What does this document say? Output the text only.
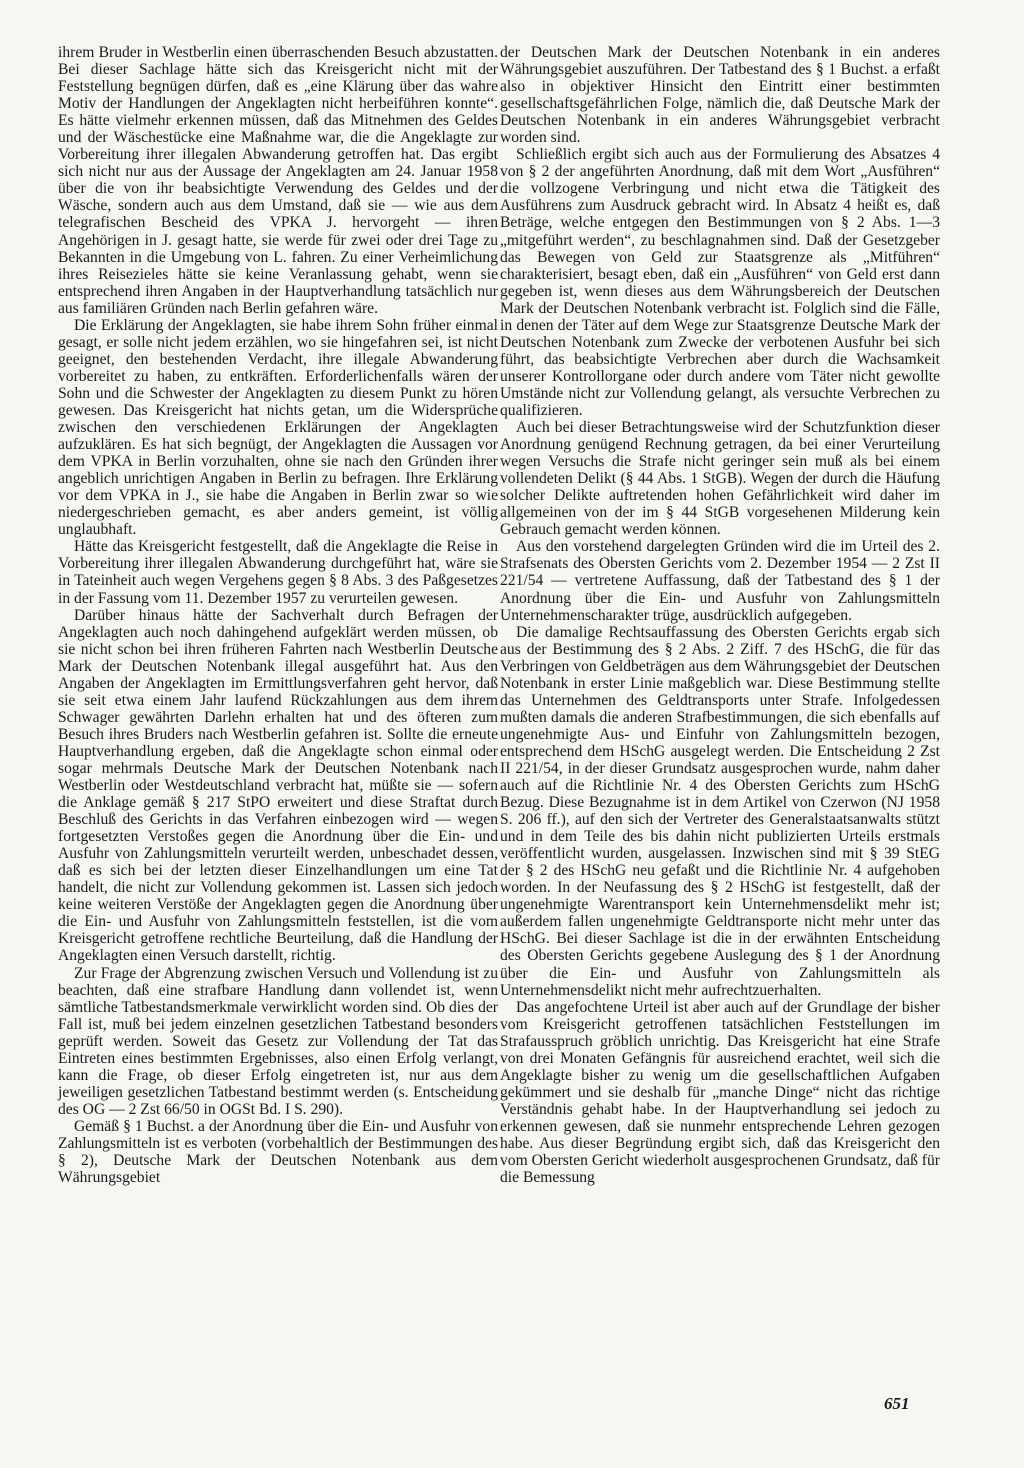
ihrem Bruder in Westberlin einen überraschenden Besuch abzustatten. Bei dieser Sachlage hätte sich das Kreisgericht nicht mit der Feststellung begnügen dürfen, daß es „eine Klärung über das wahre Motiv der Handlungen der Angeklagten nicht herbeiführen konnte“. Es hätte vielmehr erkennen müssen, daß das Mitnehmen des Geldes und der Wäschestücke eine Maßnahme war, die die Angeklagte zur Vorbereitung ihrer illegalen Abwanderung getroffen hat. Das ergibt sich nicht nur aus der Aussage der Angeklagten am 24. Januar 1958 über die von ihr beabsichtigte Verwendung des Geldes und der Wäsche, sondern auch aus dem Umstand, daß sie — wie aus dem telegrafischen Bescheid des VPKA J. hervorgeht — ihren Angehörigen in J. gesagt hatte, sie werde für zwei oder drei Tage zu Bekannten in die Umgebung von L. fahren. Zu einer Verheimlichung ihres Reisezieles hätte sie keine Veranlassung gehabt, wenn sie entsprechend ihren Angaben in der Hauptverhandlung tatsächlich nur aus familiären Gründen nach Berlin gefahren wäre.

Die Erklärung der Angeklagten, sie habe ihrem Sohn früher einmal gesagt, er solle nicht jedem erzählen, wo sie hingefahren sei, ist nicht geeignet, den bestehenden Verdacht, ihre illegale Abwanderung vorbereitet zu haben, zu entkräften. Erforderlichenfalls wären der Sohn und die Schwester der Angeklagten zu diesem Punkt zu hören gewesen. Das Kreisgericht hat nichts getan, um die Widersprüche zwischen den verschiedenen Erklärungen der Angeklagten aufzuklären. Es hat sich begnügt, der Angeklagten die Aussagen vor dem VPKA in Berlin vorzuhalten, ohne sie nach den Gründen ihrer angeblich unrichtigen Angaben in Berlin zu befragen. Ihre Erklärung vor dem VPKA in J., sie habe die Angaben in Berlin zwar so wie niedergeschrieben gemacht, es aber anders gemeint, ist völlig unglaubhaft.

Hätte das Kreisgericht festgestellt, daß die Angeklagte die Reise in Vorbereitung ihrer illegalen Abwanderung durchgeführt hat, wäre sie in Tateinheit auch wegen Vergehens gegen § 8 Abs. 3 des Paßgesetzes in der Fassung vom 11. Dezember 1957 zu verurteilen gewesen.

Darüber hinaus hätte der Sachverhalt durch Befragen der Angeklagten auch noch dahingehend aufgeklärt werden müssen, ob sie nicht schon bei ihren früheren Fahrten nach Westberlin Deutsche Mark der Deutschen Notenbank illegal ausgeführt hat. Aus den Angaben der Angeklagten im Ermittlungsverfahren geht hervor, daß sie seit etwa einem Jahr laufend Rückzahlungen aus dem ihrem Schwager gewährten Darlehn erhalten hat und des öfteren zum Besuch ihres Bruders nach Westberlin gefahren ist. Sollte die erneute Hauptverhandlung ergeben, daß die Angeklagte schon einmal oder sogar mehrmals Deutsche Mark der Deutschen Notenbank nach Westberlin oder Westdeutschland verbracht hat, müßte sie — sofern die Anklage gemäß § 217 StPO erweitert und diese Straftat durch Beschluß des Gerichts in das Verfahren einbezogen wird — wegen fortgesetzten Verstoßes gegen die Anordnung über die Ein- und Ausfuhr von Zahlungsmitteln verurteilt werden, unbeschadet dessen, daß es sich bei der letzten dieser Einzelhandlungen um eine Tat handelt, die nicht zur Vollendung gekommen ist. Lassen sich jedoch keine weiteren Verstöße der Angeklagten gegen die Anordnung über die Ein- und Ausfuhr von Zahlungsmitteln feststellen, ist die vom Kreisgericht getroffene rechtliche Beurteilung, daß die Handlung der Angeklagten einen Versuch darstellt, richtig.

Zur Frage der Abgrenzung zwischen Versuch und Vollendung ist zu beachten, daß eine strafbare Handlung dann vollendet ist, wenn sämtliche Tatbestandsmerkmale verwirklicht worden sind. Ob dies der Fall ist, muß bei jedem einzelnen gesetzlichen Tatbestand besonders geprüft werden. Soweit das Gesetz zur Vollendung der Tat das Eintreten eines bestimmten Ergebnisses, also einen Erfolg verlangt, kann die Frage, ob dieser Erfolg eingetreten ist, nur aus dem jeweiligen gesetzlichen Tatbestand bestimmt werden (s. Entscheidung des OG — 2 Zst 66/50 in OGSt Bd. I S. 290).

Gemäß § 1 Buchst. a der Anordnung über die Ein- und Ausfuhr von Zahlungsmitteln ist es verboten (vorbehaltlich der Bestimmungen des § 2), Deutsche Mark der Deutschen Notenbank aus dem Währungsgebiet

der Deutschen Mark der Deutschen Notenbank in ein anderes Währungsgebiet auszuführen. Der Tatbestand des § 1 Buchst. a erfaßt also in objektiver Hinsicht den Eintritt einer bestimmten gesellschaftsgefährlichen Folge, nämlich die, daß Deutsche Mark der Deutschen Notenbank in ein anderes Währungsgebiet verbracht worden sind.

Schließlich ergibt sich auch aus der Formulierung des Absatzes 4 von § 2 der angeführten Anordnung, daß mit dem Wort „Ausführen“ die vollzogene Verbringung und nicht etwa die Tätigkeit des Ausführens zum Ausdruck gebracht wird. In Absatz 4 heißt es, daß Beträge, welche entgegen den Bestimmungen von § 2 Abs. 1—3 „mitgeführt werden“, zu beschlagnahmen sind. Daß der Gesetzgeber das Bewegen von Geld zur Staatsgrenze als „Mitführen“ charakterisiert, besagt eben, daß ein „Ausführen“ von Geld erst dann gegeben ist, wenn dieses aus dem Währungsbereich der Deutschen Mark der Deutschen Notenbank verbracht ist. Folglich sind die Fälle, in denen der Täter auf dem Wege zur Staatsgrenze Deutsche Mark der Deutschen Notenbank zum Zwecke der verbotenen Ausfuhr bei sich führt, das beabsichtigte Verbrechen aber durch die Wachsamkeit unserer Kontrollorgane oder durch andere vom Täter nicht gewollte Umstände nicht zur Vollendung gelangt, als versuchte Verbrechen zu qualifizieren.

Auch bei dieser Betrachtungsweise wird der Schutzfunktion dieser Anordnung genügend Rechnung getragen, da bei einer Verurteilung wegen Versuchs die Strafe nicht geringer sein muß als bei einem vollendeten Delikt (§ 44 Abs. 1 StGB). Wegen der durch die Häufung solcher Delikte auftretenden hohen Gefährlichkeit wird daher im allgemeinen von der im § 44 StGB vorgesehenen Milderung kein Gebrauch gemacht werden können.

Aus den vorstehend dargelegten Gründen wird die im Urteil des 2. Strafsenats des Obersten Gerichts vom 2. Dezember 1954 — 2 Zst II 221/54 — vertretene Auffassung, daß der Tatbestand des § 1 der Anordnung über die Ein- und Ausfuhr von Zahlungsmitteln Unternehmenscharakter trüge, ausdrücklich aufgegeben.

Die damalige Rechtsauffassung des Obersten Gerichts ergab sich aus der Bestimmung des § 2 Abs. 2 Ziff. 7 des HSchG, die für das Verbringen von Geldbeträgen aus dem Währungsgebiet der Deutschen Notenbank in erster Linie maßgeblich war. Diese Bestimmung stellte das Unternehmen des Geldtransports unter Strafe. Infolgedessen mußten damals die anderen Strafbestimmungen, die sich ebenfalls auf ungenehmigte Aus- und Einfuhr von Zahlungsmitteln bezogen, entsprechend dem HSchG ausgelegt werden. Die Entscheidung 2 Zst II 221/54, in der dieser Grundsatz ausgesprochen wurde, nahm daher auch auf die Richtlinie Nr. 4 des Obersten Gerichts zum HSchG Bezug. Diese Bezugnahme ist in dem Artikel von Czerwon (NJ 1958 S. 206 ff.), auf den sich der Vertreter des Generalstaatsanwalts stützt und in dem Teile des bis dahin nicht publizierten Urteils erstmals veröffentlicht wurden, ausgelassen. Inzwischen sind mit § 39 StEG der § 2 des HSchG neu gefaßt und die Richtlinie Nr. 4 aufgehoben worden. In der Neufassung des § 2 HSchG ist festgestellt, daß der ungenehmigte Warentransport kein Unternehmensdelikt mehr ist; außerdem fallen ungenehmigte Geldtransporte nicht mehr unter das HSchG. Bei dieser Sachlage ist die in der erwähnten Entscheidung des Obersten Gerichts gegebene Auslegung des § 1 der Anordnung über die Ein- und Ausfuhr von Zahlungsmitteln als Unternehmensdelikt nicht mehr aufrechtzuerhalten.

Das angefochtene Urteil ist aber auch auf der Grundlage der bisher vom Kreisgericht getroffenen tatsächlichen Feststellungen im Strafausspruch gröblich unrichtig. Das Kreisgericht hat eine Strafe von drei Monaten Gefängnis für ausreichend erachtet, weil sich die Angeklagte bisher zu wenig um die gesellschaftlichen Aufgaben gekümmert und sie deshalb für „manche Dinge“ nicht das richtige Verständnis gehabt habe. In der Hauptverhandlung sei jedoch zu erkennen gewesen, daß sie nunmehr entsprechende Lehren gezogen habe. Aus dieser Begründung ergibt sich, daß das Kreisgericht den vom Obersten Gericht wiederholt ausgesprochenen Grundsatz, daß für die Bemessung

651
